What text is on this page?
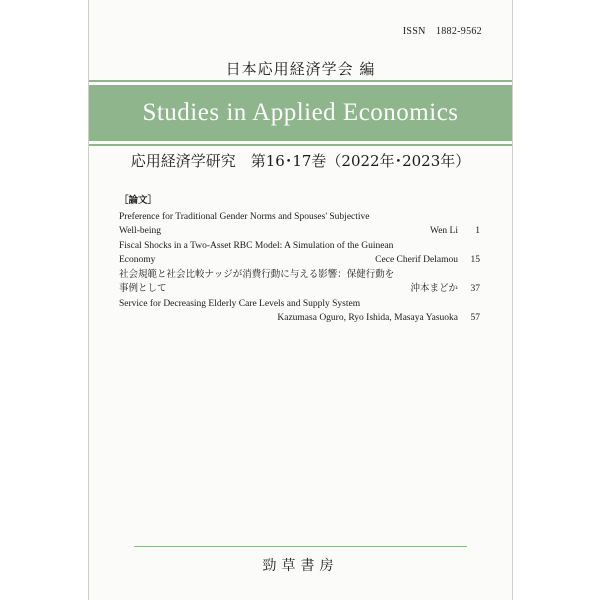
ISSN　1882-9562
日本応用経済学会 編
Studies in Applied Economics
応用経済学研究　第16･17巻（2022年･2023年）
［論文］
Preference for Traditional Gender Norms and Spouses' Subjective
Well-being	Wen Li	1
Fiscal Shocks in a Two-Asset RBC Model: A Simulation of the Guinean
Economy	Cece Cherif Delamou	15
社会規範と社会比較ナッジが消費行動に与える影響：保健行動を
事例として	沖本まどか	37
Service for Decreasing Elderly Care Levels and Supply System
Kazumasa Oguro, Ryo Ishida, Masaya Yasuoka	57
勁草書房
